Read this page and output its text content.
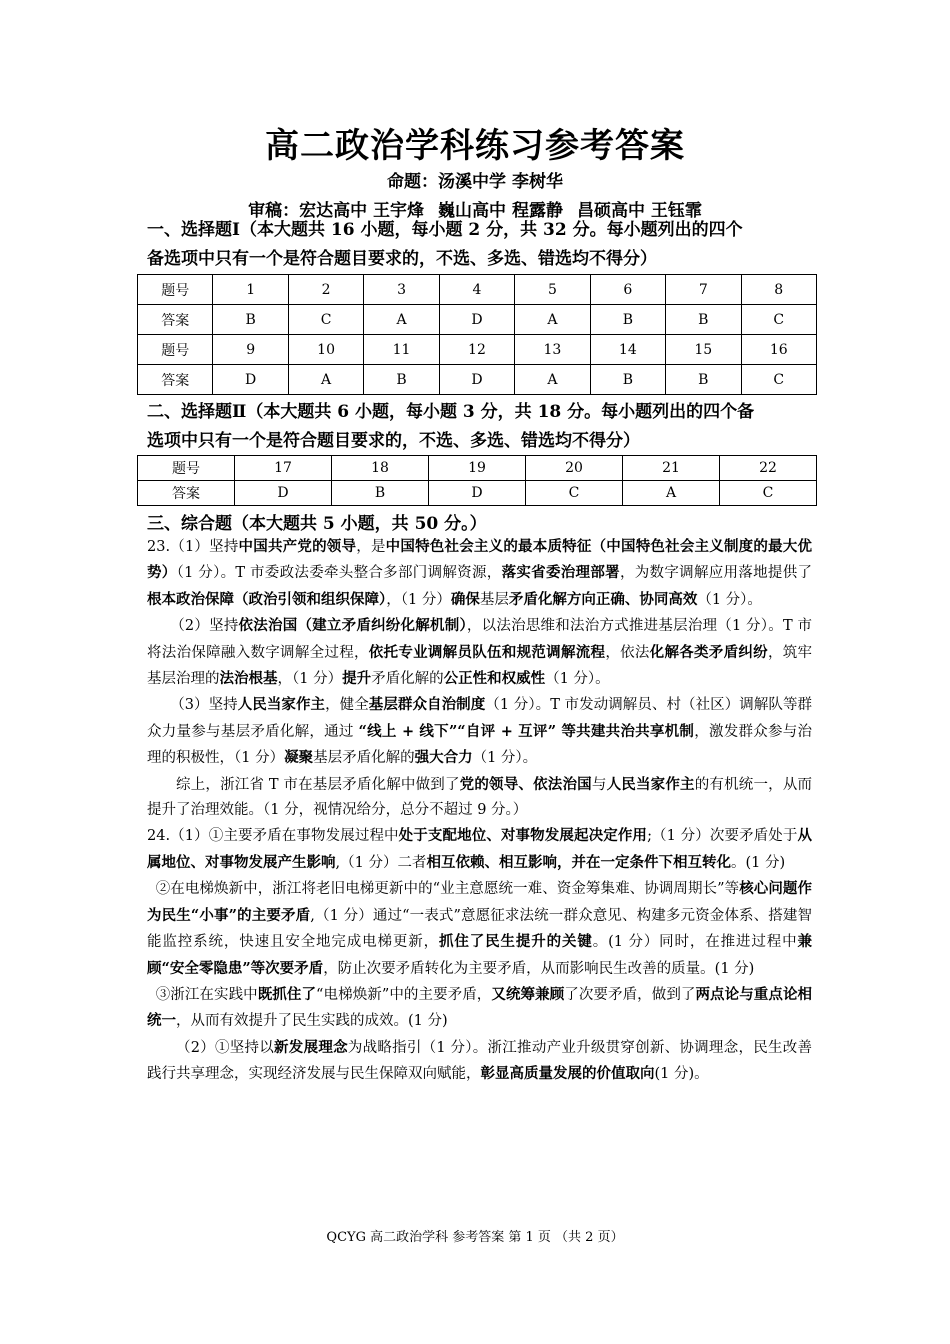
高二政治学科练习参考答案
命题：汤溪中学 李树华
审稿：宏达高中 王宇烽 巍山高中 程露静 昌硕高中 王钰霏
一、选择题Ⅰ（本大题共 16 小题，每小题 2 分，共 32 分。每小题列出的四个
备选项中只有一个是符合题目要求的，不选、多选、错选均不得分）
题号	1	2	3	4	5	6	7	8
答案	B	C	A	D	A	B	B	C
题号	9	10	11	12	13	14	15	16
答案	D	A	B	D	A	B	B	C
二、选择题Ⅱ（本大题共 6 小题，每小题 3 分，共 18 分。每小题列出的四个备
选项中只有一个是符合题目要求的，不选、多选、错选均不得分）
题号	17	18	19	20	21	22
答案	D	B	D	C	A	C
三、综合题（本大题共 5 小题，共 50 分。）

23.（1）坚持中国共产党的领导，是中国特色社会主义的最本质特征（中国特色社会主义制度的最大优势）（1 分）。T 市委政法委牵头整合多部门调解资源，落实省委治理部署，为数字调解应用落地提供了根本政治保障（政治引领和组织保障），（1 分）确保基层矛盾化解方向正确、协同高效（1 分）。

（2）坚持依法治国（建立矛盾纠纷化解机制），以法治思维和法治方式推进基层治理（1 分）。T 市将法治保障融入数字调解全过程，依托专业调解员队伍和规范调解流程，依法化解各类矛盾纠纷，筑牢基层治理的法治根基，（1 分）提升矛盾化解的公正性和权威性（1 分）。

（3）坚持人民当家作主，健全基层群众自治制度（1 分）。T 市发动调解员、村（社区）调解队等群众力量参与基层矛盾化解，通过 “线上 + 线下”“自评 + 互评” 等共建共治共享机制，激发群众参与治理的积极性，（1 分）凝聚基层矛盾化解的强大合力（1 分）。

综上，浙江省 T 市在基层矛盾化解中做到了党的领导、依法治国与人民当家作主的有机统一，从而提升了治理效能。（1 分，视情况给分，总分不超过 9 分。）

24.（1）①主要矛盾在事物发展过程中处于支配地位、对事物发展起决定作用;（1 分）次要矛盾处于从属地位、对事物发展产生影响,（1 分）二者相互依赖、相互影响，并在一定条件下相互转化。(1 分)

②在电梯焕新中，浙江将老旧电梯更新中的“业主意愿统一难、资金筹集难、协调周期长”等核心问题作为民生“小事”的主要矛盾,（1 分）通过“一表式”意愿征求法统一群众意见、构建多元资金体系、搭建智能监控系统，快速且安全地完成电梯更新，抓住了民生提升的关键。(1 分）同时，在推进过程中兼顾“安全零隐患”等次要矛盾，防止次要矛盾转化为主要矛盾，从而影响民生改善的质量。(1 分)

③浙江在实践中既抓住了“电梯焕新”中的主要矛盾，又统筹兼顾了次要矛盾，做到了两点论与重点论相统一，从而有效提升了民生实践的成效。(1 分)

（2）①坚持以新发展理念为战略指引（1 分）。浙江推动产业升级贯穿创新、协调理念，民生改善践行共享理念，实现经济发展与民生保障双向赋能，彰显高质量发展的价值取向(1 分)。

QCYG 高二政治学科 参考答案 第 1 页 （共 2 页）
